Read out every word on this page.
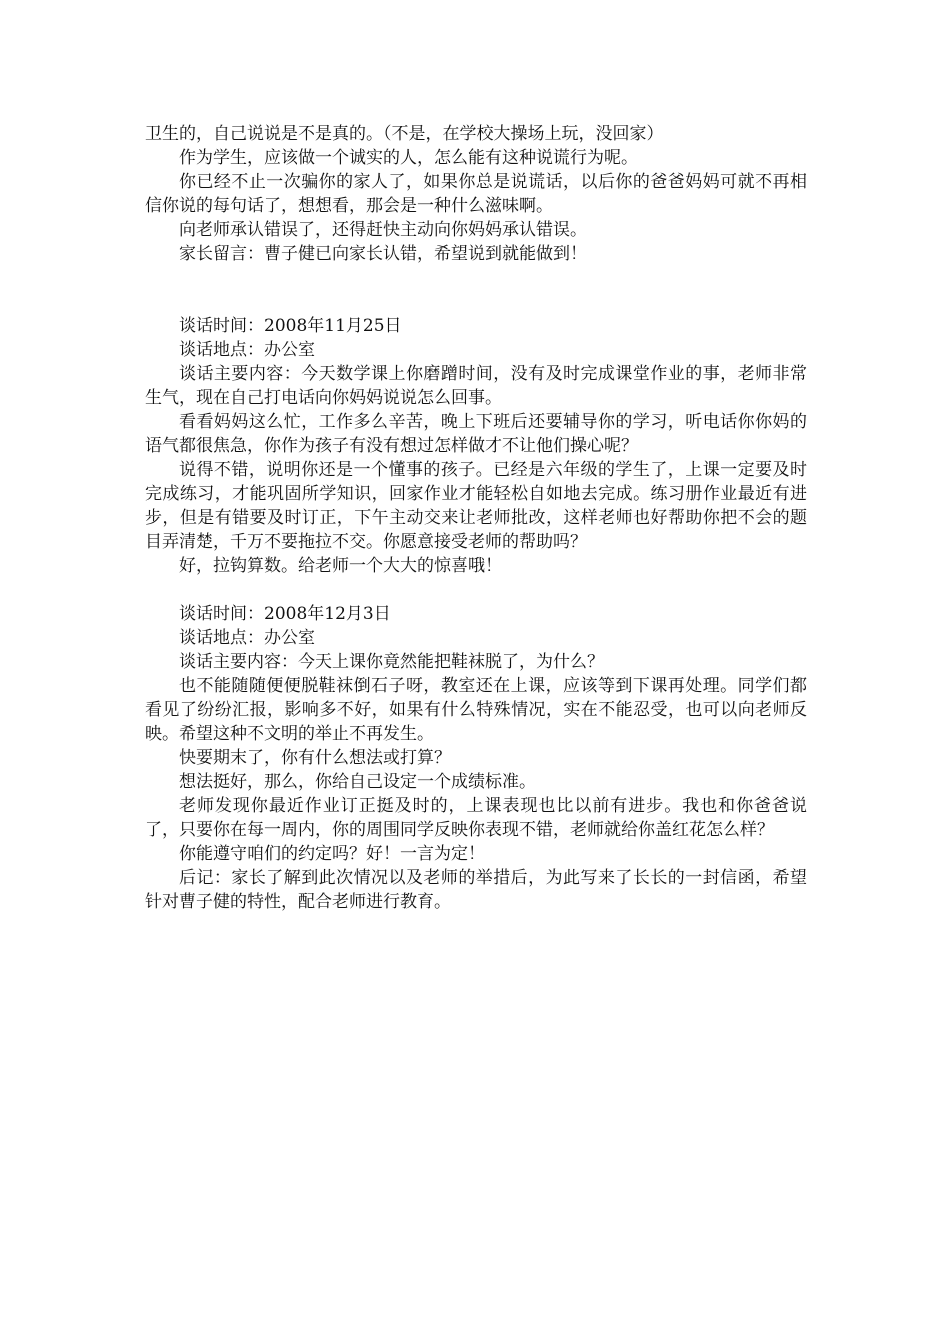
卫生的，自己说说是不是真的。（不是，在学校大操场上玩，没回家）

作为学生，应该做一个诚实的人，怎么能有这种说谎行为呢。

你已经不止一次骗你的家人了，如果你总是说谎话，以后你的爸爸妈妈可就不再相信你说的每句话了，想想看，那会是一种什么滋味啊。

向老师承认错误了，还得赶快主动向你妈妈承认错误。

家长留言：曹子健已向家长认错，希望说到就能做到！

谈话时间：2008年11月25日

谈话地点：办公室

谈话主要内容：今天数学课上你磨蹭时间，没有及时完成课堂作业的事，老师非常生气，现在自己打电话向你妈妈说说怎么回事。

看看妈妈这么忙，工作多么辛苦，晚上下班后还要辅导你的学习，听电话你你妈的语气都很焦急，你作为孩子有没有想过怎样做才不让他们操心呢？

说得不错，说明你还是一个懂事的孩子。已经是六年级的学生了，上课一定要及时完成练习，才能巩固所学知识，回家作业才能轻松自如地去完成。练习册作业最近有进步，但是有错要及时订正，下午主动交来让老师批改，这样老师也好帮助你把不会的题目弄清楚，千万不要拖拉不交。你愿意接受老师的帮助吗？

好，拉钩算数。给老师一个大大的惊喜哦！

谈话时间：2008年12月3日

谈话地点：办公室

谈话主要内容：今天上课你竟然能把鞋袜脱了，为什么？

也不能随随便便脱鞋袜倒石子呀，教室还在上课，应该等到下课再处理。同学们都看见了纷纷汇报，影响多不好，如果有什么特殊情况，实在不能忍受，也可以向老师反映。希望这种不文明的举止不再发生。

快要期末了，你有什么想法或打算？

想法挺好，那么，你给自己设定一个成绩标准。

老师发现你最近作业订正挺及时的，上课表现也比以前有进步。我也和你爸爸说了，只要你在每一周内，你的周围同学反映你表现不错，老师就给你盖红花怎么样？

你能遵守咱们的约定吗？好！一言为定！

后记：家长了解到此次情况以及老师的举措后，为此写来了长长的一封信函，希望针对曹子健的特性，配合老师进行教育。
